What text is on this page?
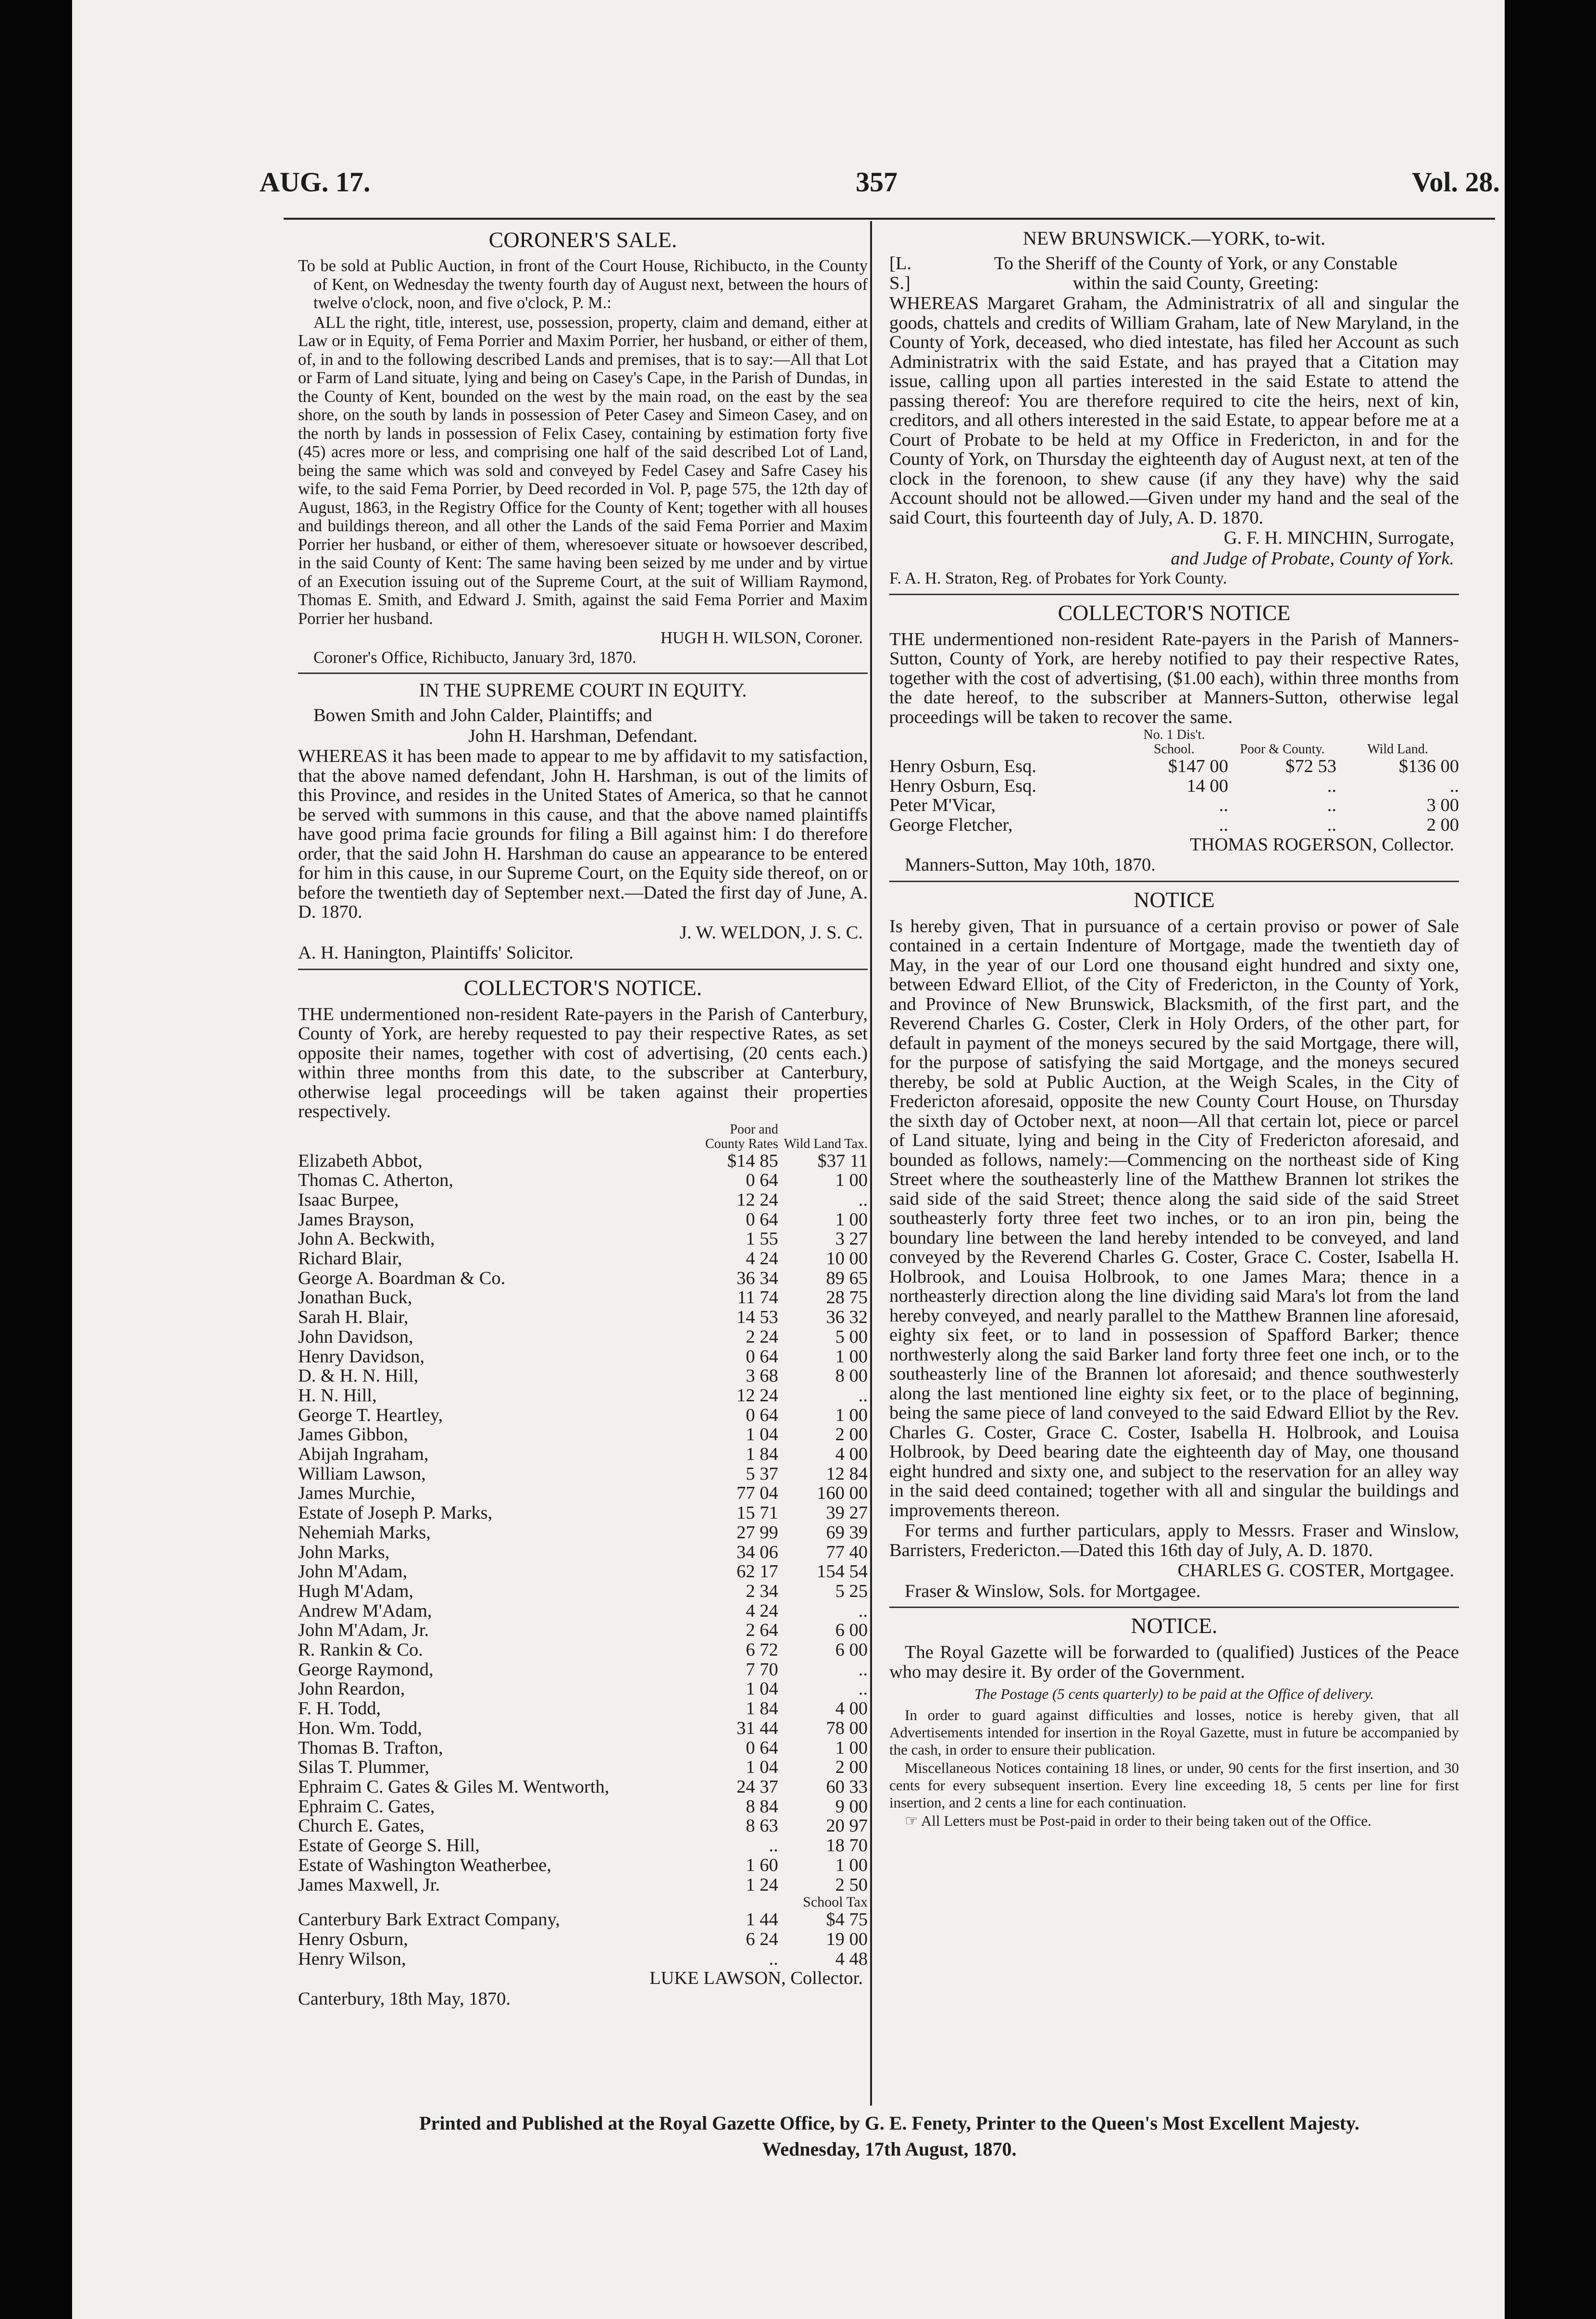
AUG. 17.	357	Vol. 28.
CORONER'S SALE.
To be sold at Public Auction, in front of the Court House, Richibucto, in the County of Kent, on Wednesday the twenty fourth day of August next, between the hours of twelve o'clock, noon, and five o'clock, P. M.:
ALL the right, title, interest, use, possession, property, claim and demand, either at Law or in Equity, of Fema Porrier and Maxim Porrier, her husband, or either of them, of, in and to the following described Lands and premises, that is to say:—All that Lot or Farm of Land situate, lying and being on Casey's Cape, in the Parish of Dundas, in the County of Kent, bounded on the west by the main road, on the east by the sea shore, on the south by lands in possession of Peter Casey and Simeon Casey, and on the north by lands in possession of Felix Casey, containing by estimation forty five (45) acres more or less, and comprising one half of the said described Lot of Land, being the same which was sold and conveyed by Fedel Casey and Safre Casey his wife, to the said Fema Porrier, by Deed recorded in Vol. P, page 575, the 12th day of August, 1863, in the Registry Office for the County of Kent; together with all houses and buildings thereon, and all other the Lands of the said Fema Porrier and Maxim Porrier her husband, or either of them, wheresoever situate or howsoever described, in the said County of Kent: The same having been seized by me under and by virtue of an Execution issuing out of the Supreme Court, at the suit of William Raymond, Thomas E. Smith, and Edward J. Smith, against the said Fema Porrier and Maxim Porrier her husband.
HUGH H. WILSON, Coroner.
Coroner's Office, Richibucto, January 3rd, 1870.
IN THE SUPREME COURT IN EQUITY.
Bowen Smith and John Calder, Plaintiffs; and
John H. Harshman, Defendant.
WHEREAS it has been made to appear to me by affidavit to my satisfaction, that the above named defendant, John H. Harshman, is out of the limits of this Province, and resides in the United States of America, so that he cannot be served with summons in this cause, and that the above named plaintiffs have good prima facie grounds for filing a Bill against him: I do therefore order, that the said John H. Harshman do cause an appearance to be entered for him in this cause, in our Supreme Court, on the Equity side thereof, on or before the twentieth day of September next.—Dated the first day of June, A. D. 1870.
J. W. WELDON, J. S. C.
A. H. Hanington, Plaintiffs' Solicitor.
COLLECTOR'S NOTICE.
THE undermentioned non-resident Rate-payers in the Parish of Canterbury, County of York, are hereby requested to pay their respective Rates, as set opposite their names, together with cost of advertising, (20 cents each.) within three months from this date, to the subscriber at Canterbury, otherwise legal proceedings will be taken against their properties respectively.
	Poor and County Rates	Wild Land Tax.
Elizabeth Abbot,	$14 85	$37 11
Thomas C. Atherton,	0 64	1 00
Isaac Burpee,	12 24	..
James Brayson,	0 64	1 00
John A. Beckwith,	1 55	3 27
Richard Blair,	4 24	10 00
George A. Boardman & Co.	36 34	89 65
Jonathan Buck,	11 74	28 75
Sarah H. Blair,	14 53	36 32
John Davidson,	2 24	5 00
Henry Davidson,	0 64	1 00
D. & H. N. Hill,	3 68	8 00
H. N. Hill,	12 24	..
George T. Heartley,	0 64	1 00
James Gibbon,	1 04	2 00
Abijah Ingraham,	1 84	4 00
William Lawson,	5 37	12 84
James Murchie,	77 04	160 00
Estate of Joseph P. Marks,	15 71	39 27
Nehemiah Marks,	27 99	69 39
John Marks,	34 06	77 40
John M'Adam,	62 17	154 54
Hugh M'Adam,	2 34	5 25
Andrew M'Adam,	4 24	..
John M'Adam, Jr.	2 64	6 00
R. Rankin & Co.	6 72	6 00
George Raymond,	7 70	..
John Reardon,	1 04	..
F. H. Todd,	1 84	4 00
Hon. Wm. Todd,	31 44	78 00
Thomas B. Trafton,	0 64	1 00
Silas T. Plummer,	1 04	2 00
Ephraim C. Gates & Giles M. Wentworth,	24 37	60 33
Ephraim C. Gates,	8 84	9 00
Church E. Gates,	8 63	20 97
Estate of George S. Hill,	..	18 70
Estate of Washington Weatherbee,	1 60	1 00
James Maxwell, Jr.	1 24	2 50
		School Tax
Canterbury Bark Extract Company,	1 44	$4 75
Henry Osburn,	6 24	19 00
Henry Wilson,	..	4 48
LUKE LAWSON, Collector.
Canterbury, 18th May, 1870.
NEW BRUNSWICK.—YORK, to-wit.
[L. S.]
To the Sheriff of the County of York, or any Constable
within the said County, Greeting:
WHEREAS Margaret Graham, the Administratrix of all and singular the goods, chattels and credits of William Graham, late of New Maryland, in the County of York, deceased, who died intestate, has filed her Account as such Administratrix with the said Estate, and has prayed that a Citation may issue, calling upon all parties interested in the said Estate to attend the passing thereof: You are therefore required to cite the heirs, next of kin, creditors, and all others interested in the said Estate, to appear before me at a Court of Probate to be held at my Office in Fredericton, in and for the County of York, on Thursday the eighteenth day of August next, at ten of the clock in the forenoon, to shew cause (if any they have) why the said Account should not be allowed.—Given under my hand and the seal of the said Court, this fourteenth day of July, A. D. 1870.
G. F. H. MINCHIN, Surrogate,
and Judge of Probate, County of York.
F. A. H. Straton, Reg. of Probates for York County.
COLLECTOR'S NOTICE
THE undermentioned non-resident Rate-payers in the Parish of Manners-Sutton, County of York, are hereby notified to pay their respective Rates, together with the cost of advertising, ($1.00 each), within three months from the date hereof, to the subscriber at Manners-Sutton, otherwise legal proceedings will be taken to recover the same.
	No. 1 Dis't.		
	School.	Poor & County.	Wild Land.
Henry Osburn, Esq.	$147 00	$72 53	$136 00
Henry Osburn, Esq.	14 00	..	..
Peter M'Vicar,	..	..	3 00
George Fletcher,	..	..	2 00
THOMAS ROGERSON, Collector.
Manners-Sutton, May 10th, 1870.
NOTICE
Is hereby given, That in pursuance of a certain proviso or power of Sale contained in a certain Indenture of Mortgage, made the twentieth day of May, in the year of our Lord one thousand eight hundred and sixty one, between Edward Elliot, of the City of Fredericton, in the County of York, and Province of New Brunswick, Blacksmith, of the first part, and the Reverend Charles G. Coster, Clerk in Holy Orders, of the other part, for default in payment of the moneys secured by the said Mortgage, there will, for the purpose of satisfying the said Mortgage, and the moneys secured thereby, be sold at Public Auction, at the Weigh Scales, in the City of Fredericton aforesaid, opposite the new County Court House, on Thursday the sixth day of October next, at noon—All that certain lot, piece or parcel of Land situate, lying and being in the City of Fredericton aforesaid, and bounded as follows, namely:—Commencing on the northeast side of King Street where the southeasterly line of the Matthew Brannen lot strikes the said side of the said Street; thence along the said side of the said Street southeasterly forty three feet two inches, or to an iron pin, being the boundary line between the land hereby intended to be conveyed, and land conveyed by the Reverend Charles G. Coster, Grace C. Coster, Isabella H. Holbrook, and Louisa Holbrook, to one James Mara; thence in a northeasterly direction along the line dividing said Mara's lot from the land hereby conveyed, and nearly parallel to the Matthew Brannen line aforesaid, eighty six feet, or to land in possession of Spafford Barker; thence northwesterly along the said Barker land forty three feet one inch, or to the southeasterly line of the Brannen lot aforesaid; and thence southwesterly along the last mentioned line eighty six feet, or to the place of beginning, being the same piece of land conveyed to the said Edward Elliot by the Rev. Charles G. Coster, Grace C. Coster, Isabella H. Holbrook, and Louisa Holbrook, by Deed bearing date the eighteenth day of May, one thousand eight hundred and sixty one, and subject to the reservation for an alley way in the said deed contained; together with all and singular the buildings and improvements thereon.
For terms and further particulars, apply to Messrs. Fraser and Winslow, Barristers, Fredericton.—Dated this 16th day of July, A. D. 1870.
CHARLES G. COSTER, Mortgagee.
Fraser & Winslow, Sols. for Mortgagee.
NOTICE.
The Royal Gazette will be forwarded to (qualified) Justices of the Peace who may desire it. By order of the Government.
The Postage (5 cents quarterly) to be paid at the Office of delivery.
In order to guard against difficulties and losses, notice is hereby given, that all Advertisements intended for insertion in the Royal Gazette, must in future be accompanied by the cash, in order to ensure their publication.
Miscellaneous Notices containing 18 lines, or under, 90 cents for the first insertion, and 30 cents for every subsequent insertion. Every line exceeding 18, 5 cents per line for first insertion, and 2 cents a line for each continuation.
☞ All Letters must be Post-paid in order to their being taken out of the Office.
Printed and Published at the Royal Gazette Office, by G. E. Fenety, Printer to the Queen's Most Excellent Majesty.
Wednesday, 17th August, 1870.
